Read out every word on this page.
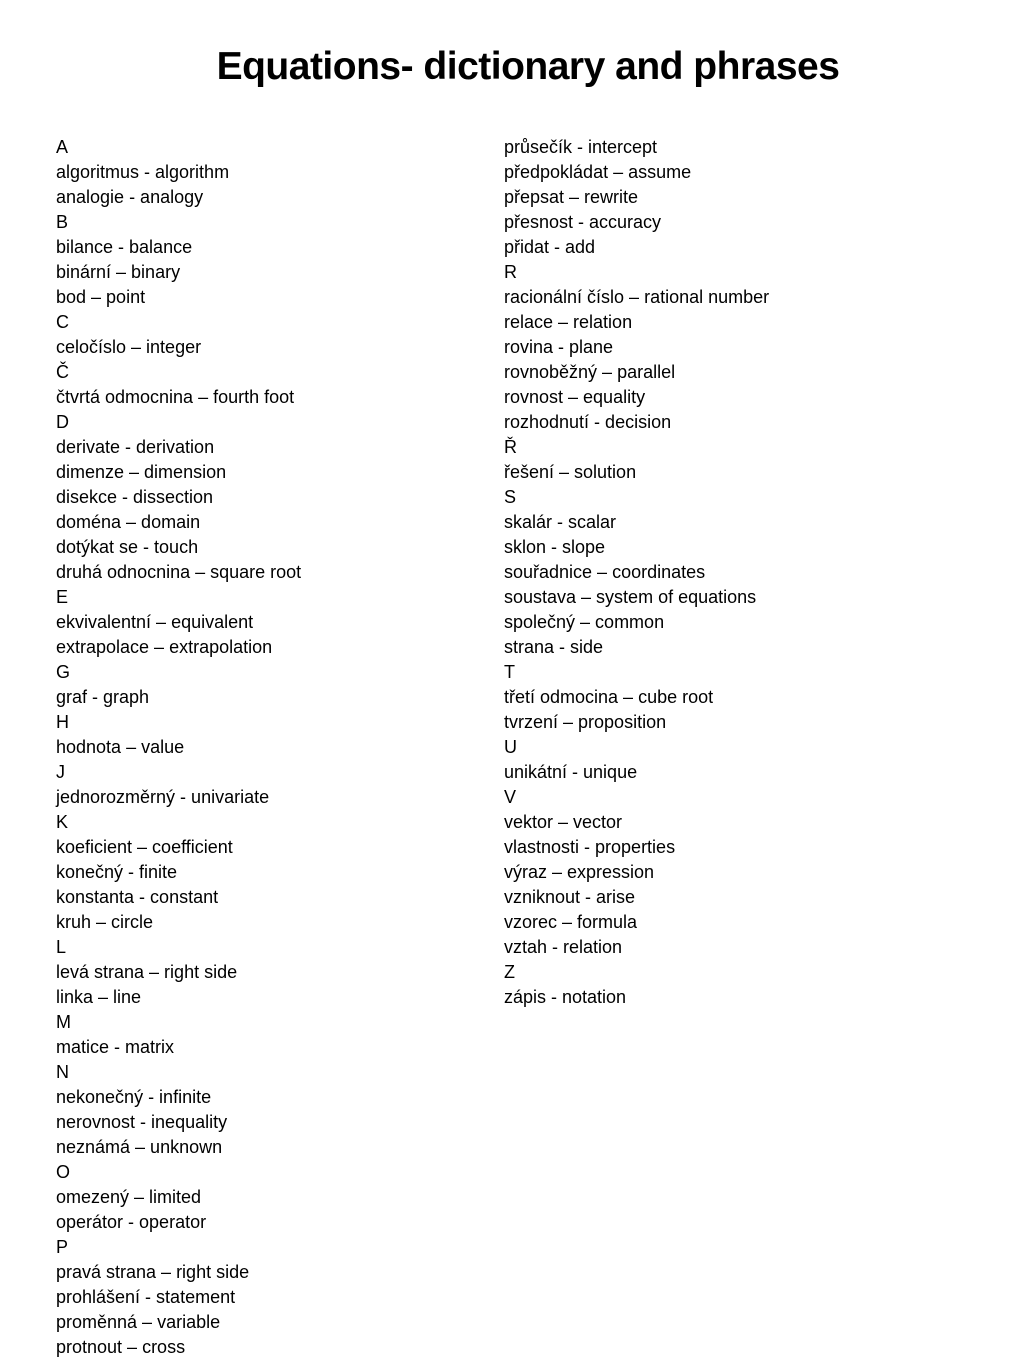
Equations- dictionary and phrases
A
algoritmus - algorithm
analogie - analogy
B
bilance - balance
binární – binary
bod – point
C
celočíslo – integer
Č
čtvrtá odmocnina – fourth foot
D
derivate - derivation
dimenze – dimension
disekce - dissection
doména – domain
dotýkat se - touch
druhá odnocnina – square root
E
ekvivalentní – equivalent
extrapolace – extrapolation
G
graf - graph
H
hodnota – value
J
jednorozměrný - univariate
K
koeficient – coefficient
konečný - finite
konstanta - constant
kruh – circle
L
levá strana – right side
linka – line
M
matice - matrix
N
nekonečný - infinite
nerovnost - inequality
neznámá – unknown
O
omezený – limited
operátor - operator
P
pravá strana – right side
prohlášení - statement
proměnná – variable
protnout – cross
průsečík - intercept
předpokládat – assume
přepsat – rewrite
přesnost - accuracy
přidat - add
R
racionální číslo – rational number
relace – relation
rovina - plane
rovnoběžný – parallel
rovnost – equality
rozhodnutí - decision
Ř
řešení – solution
S
skalár - scalar
sklon - slope
souřadnice – coordinates
soustava – system of equations
společný – common
strana - side
T
třetí odmocina – cube root
tvrzení – proposition
U
unikátní - unique
V
vektor – vector
vlastnosti - properties
výraz – expression
vzniknout - arise
vzorec – formula
vztah - relation
Z
zápis - notation
